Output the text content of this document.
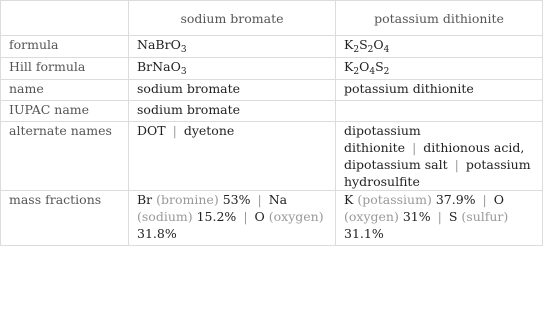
	sodium bromate	potassium dithionite
formula	NaBrO$_3$	$K_2S_2O_4$
Hill formula	BrNaO$_3$	$K_2O_4S_2$
name	sodium bromate	potassium dithionite
IUPAC name	sodium bromate	
alternate names	DOT | dyetone	dipotassium dithionite | dithionous acid, dipotassium salt | potassium hydrosulfite
mass fractions	Br (bromine) 53% | Na (sodium) 15.2% | O (oxygen) 31.8%	K (potassium) 37.9% | O (oxygen) 31% | S (sulfur) 31.1%
